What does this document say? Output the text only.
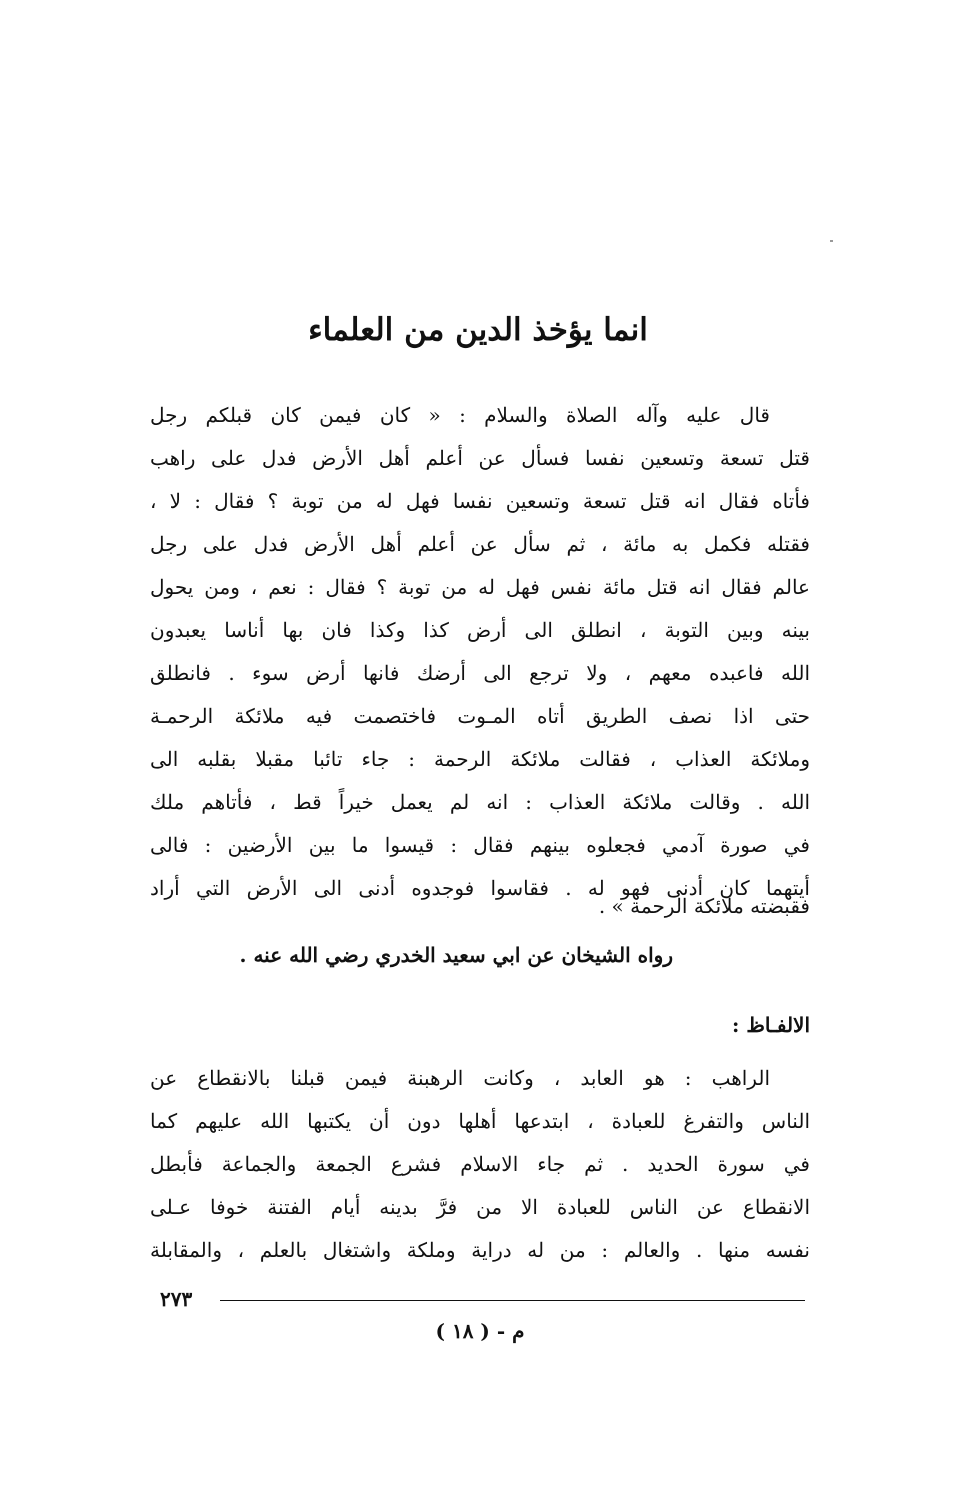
انما يؤخذ الدين من العلماء
قال عليه وآله الصلاة والسلام : « كان فيمن كان قبلكم رجل
قتل تسعة وتسعين نفسا فسأل عن أعلم أهل الأرض فدل على راهب
فأتاه فقال انه قتل تسعة وتسعين نفسا فهل له من توبة ؟ فقال : لا ،
فقتله فكمل به مائة ، ثم سأل عن أعلم أهل الأرض فدل على رجل
عالم فقال انه قتل مائة نفس فهل له من توبة ؟ فقال : نعم ، ومن يحول
بينه وبين التوبة ، انطلق الى أرض كذا وكذا فان بها أناسا يعبدون
الله فاعبده معهم ، ولا ترجع الى أرضك فانها أرض سوء . فانطلق
حتى اذا نصف الطريق أتاه المـوت فاختصمت فيه ملائكة الرحمـة
وملائكة العذاب ، فقالت ملائكة الرحمة : جاء تائبا مقبلا بقلبه الى
الله . وقالت ملائكة العذاب : انه لم يعمل خيراً قط ، فأتاهم ملك
في صورة آدمي فجعلوه بينهم فقال : قيسوا ما بين الأرضين : فالى
أيتهما كان أدنى فهو له . فقاسوا فوجدوه أدنى الى الأرض التي أراد
فقبضته ملائكة الرحمة » .
رواه الشيخان عن ابي سعيد الخدري رضي الله عنه .
الالفـاظ :
الراهب : هو العابد ، وكانت الرهبنة فيمن قبلنا بالانقطاع عن
الناس والتفرغ للعبادة ، ابتدعها أهلها دون أن يكتبها الله عليهم كما
في سورة الحديد . ثم جاء الاسلام فشرع الجمعة والجماعة فأبطل
الانقطاع عن الناس للعبادة الا من فرَّ بدينه أيام الفتنة خوفا عـلى
نفسه منها . والعالم : من له دراية وملكة واشتغال بالعلم ، والمقابلة
٢٧٣
م - ( ١٨ )
